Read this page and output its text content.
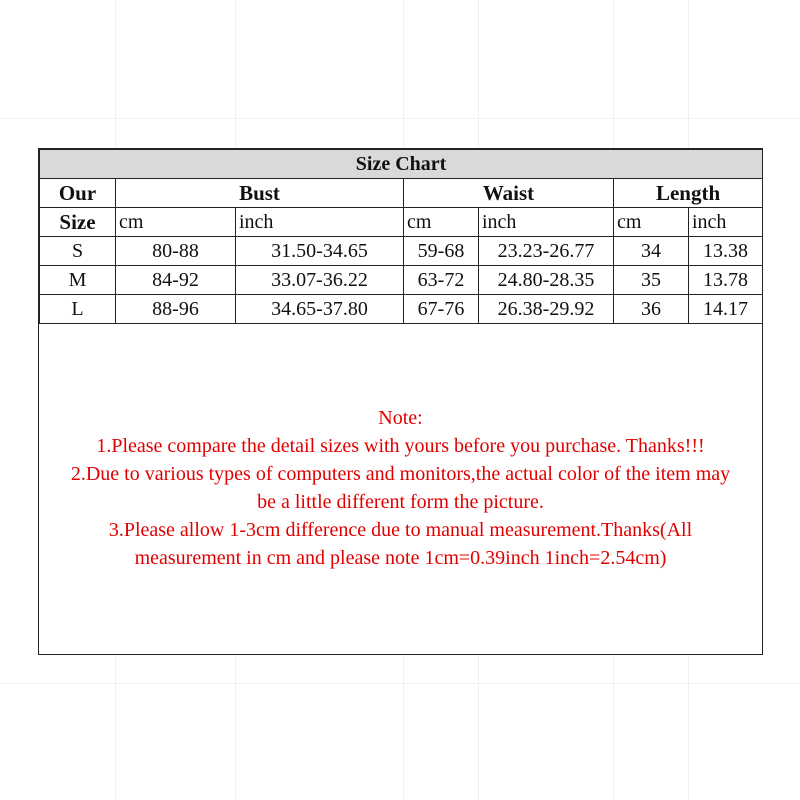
Size Chart						
Our	Bust		Waist		Length	
Size	cm	inch	cm	inch	cm	inch
S	80-88	31.50-34.65	59-68	23.23-26.77	34	13.38
M	84-92	33.07-36.22	63-72	24.80-28.35	35	13.78
L	88-96	34.65-37.80	67-76	26.38-29.92	36	14.17

Note:

1.Please compare the detail sizes with yours before you purchase. Thanks!!!

2.Due to various types of computers and monitors,the actual color of the item may

be a little different form the picture.

3.Please allow 1-3cm difference due to manual measurement.Thanks(All

measurement in cm and please note 1cm=0.39inch 1inch=2.54cm)
